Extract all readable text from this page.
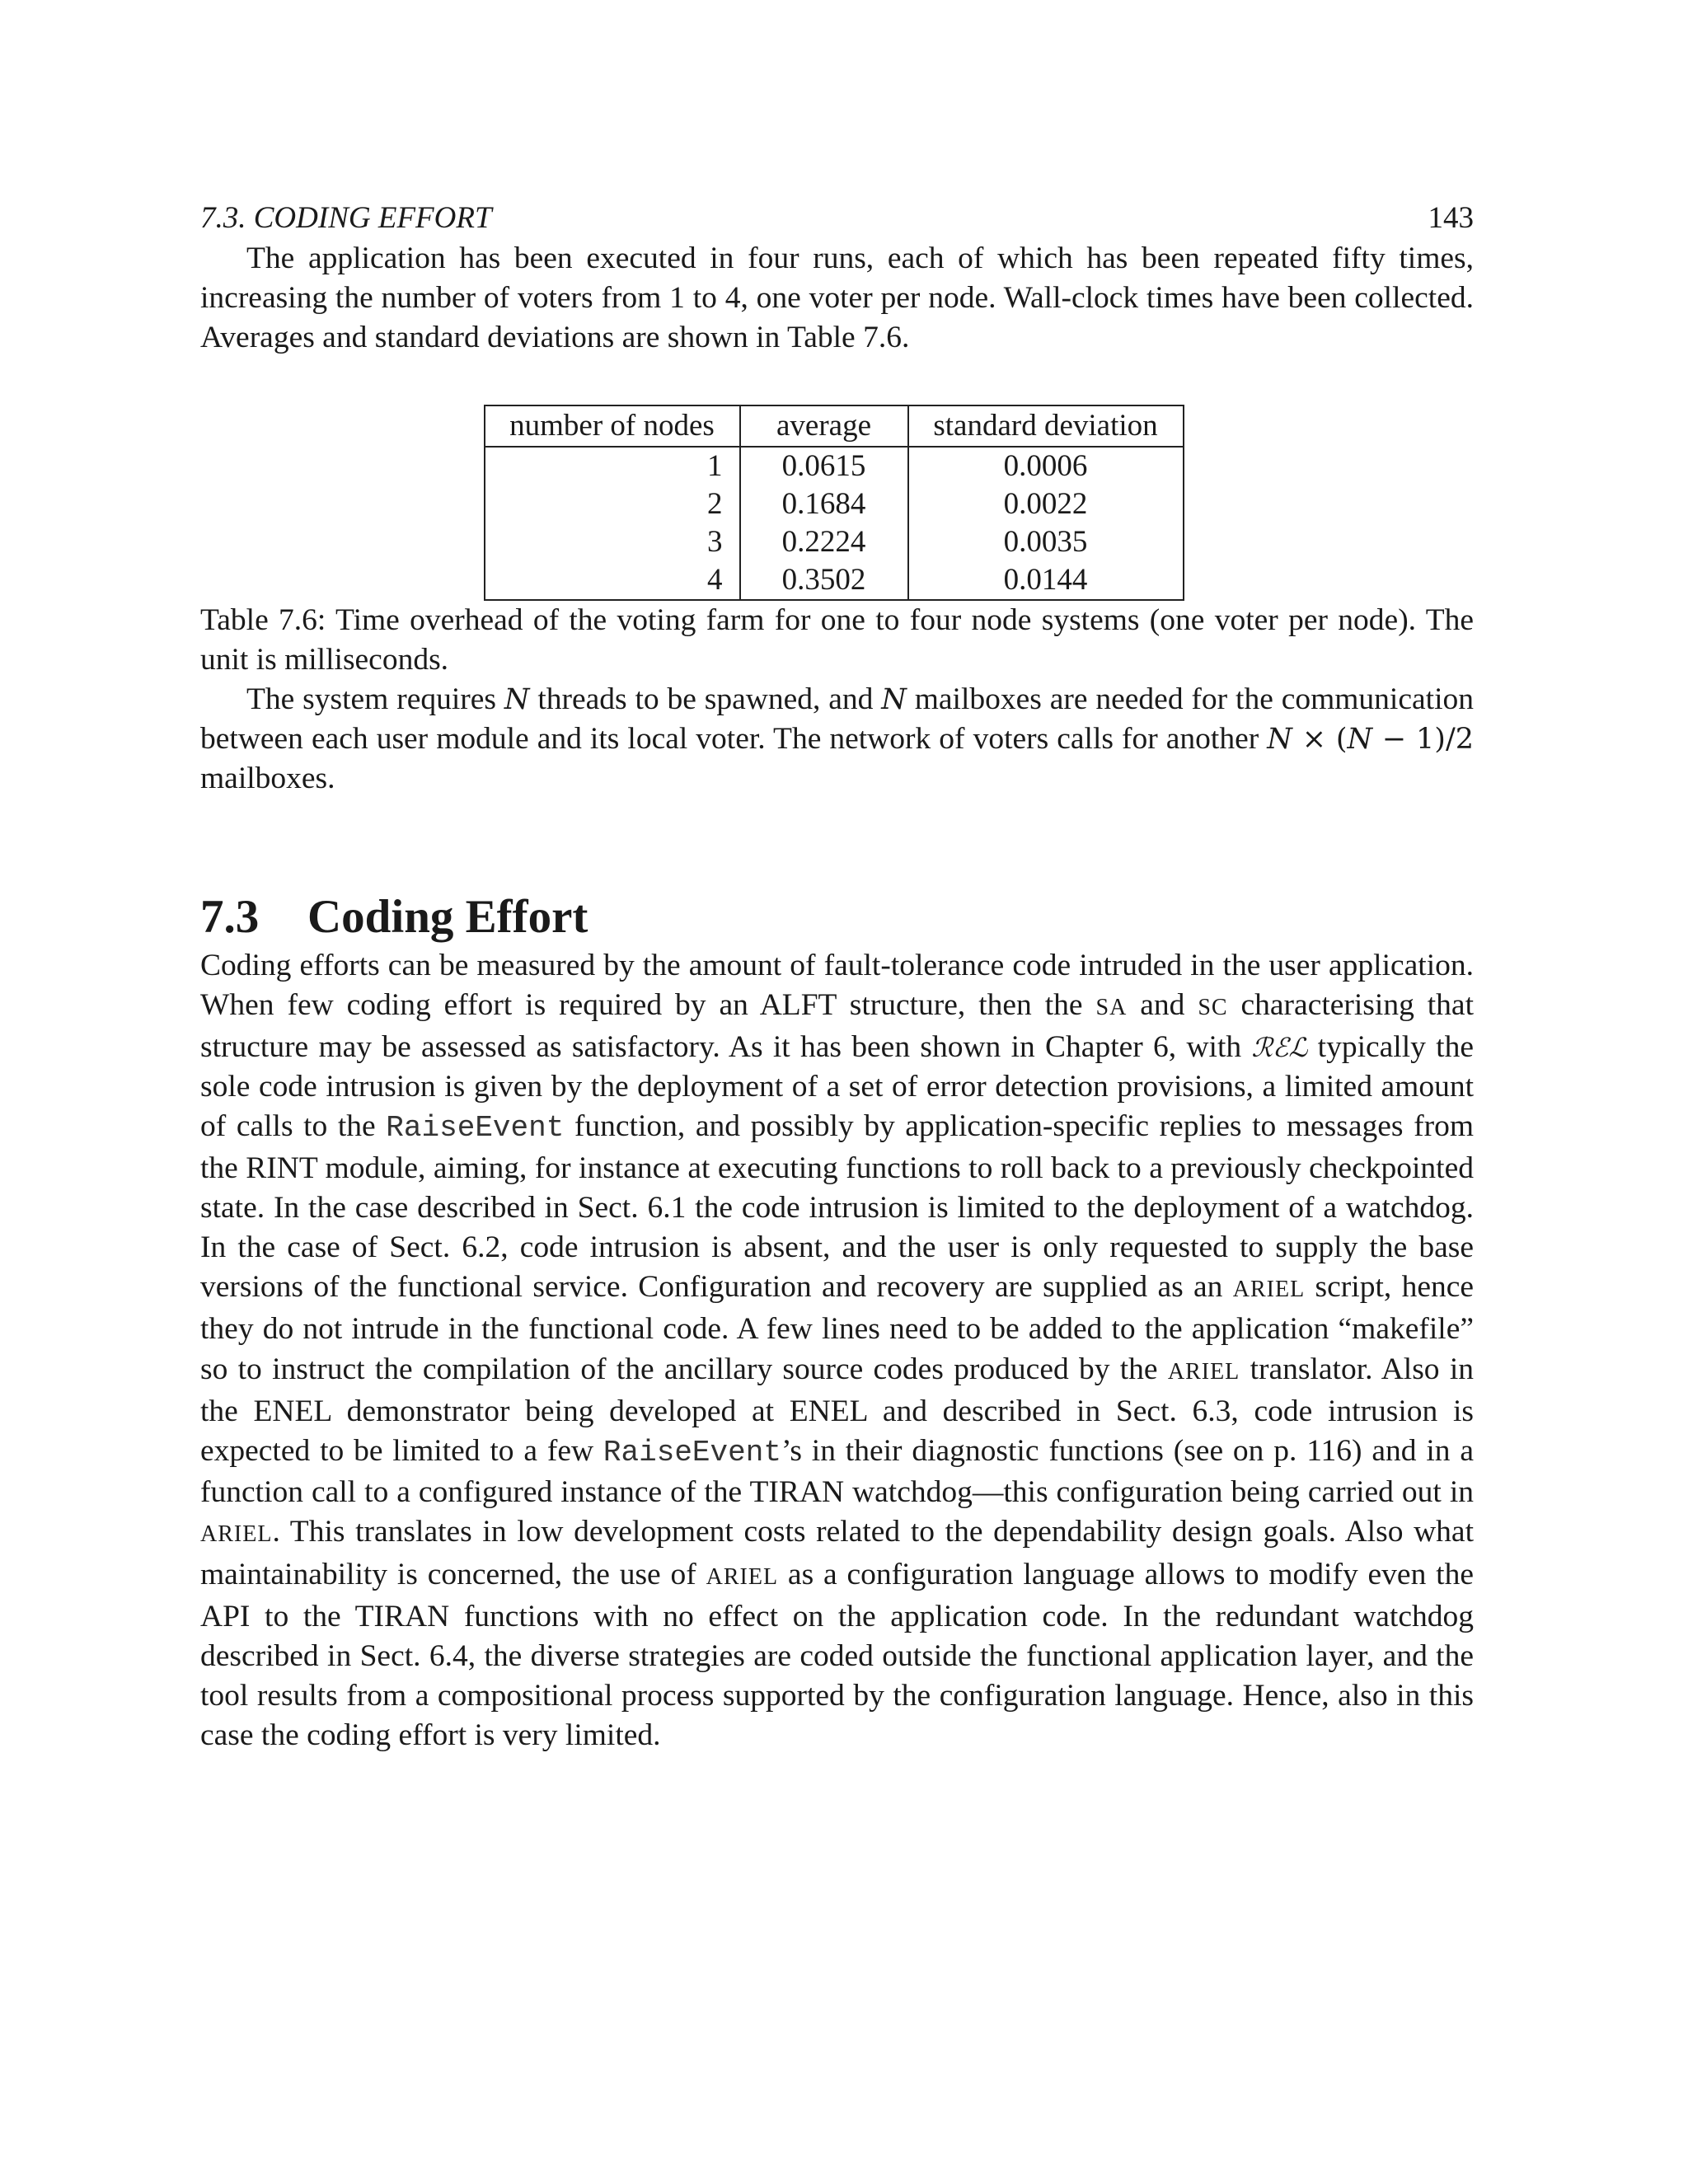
7.3. CODING EFFORT	143

The application has been executed in four runs, each of which has been repeated fifty times, increasing the number of voters from 1 to 4, one voter per node. Wall-clock times have been collected. Averages and standard deviations are shown in Table 7.6.

number of nodes	average	standard deviation
1	0.0615	0.0006
2	0.1684	0.0022
3	0.2224	0.0035
4	0.3502	0.0144

Table 7.6: Time overhead of the voting farm for one to four node systems (one voter per node). The unit is milliseconds.

The system requires N threads to be spawned, and N mailboxes are needed for the communication between each user module and its local voter. The network of voters calls for another N × (N − 1)/2 mailboxes.

7.3 Coding Effort

Coding efforts can be measured by the amount of fault-tolerance code intruded in the user application. When few coding effort is required by an ALFT structure, then the SA and SC characterising that structure may be assessed as satisfactory. As it has been shown in Chapter 6, with ℛℰℒ typically the sole code intrusion is given by the deployment of a set of error detection provisions, a limited amount of calls to the RaiseEvent function, and possibly by application-specific replies to messages from the RINT module, aiming, for instance at executing functions to roll back to a previously checkpointed state. In the case described in Sect. 6.1 the code intrusion is limited to the deployment of a watchdog. In the case of Sect. 6.2, code intrusion is absent, and the user is only requested to supply the base versions of the functional service. Configuration and recovery are supplied as an ARIEL script, hence they do not intrude in the functional code. A few lines need to be added to the application “makefile” so to instruct the compilation of the ancillary source codes produced by the ARIEL translator. Also in the ENEL demonstrator being developed at ENEL and described in Sect. 6.3, code intrusion is expected to be limited to a few RaiseEvent’s in their diagnostic functions (see on p. 116) and in a function call to a configured instance of the TIRAN watchdog—this configuration being carried out in ARIEL. This translates in low development costs related to the dependability design goals. Also what maintainability is concerned, the use of ARIEL as a configuration language allows to modify even the API to the TIRAN functions with no effect on the application code. In the redundant watchdog described in Sect. 6.4, the diverse strategies are coded outside the functional application layer, and the tool results from a compositional process supported by the configuration language. Hence, also in this case the coding effort is very limited.
